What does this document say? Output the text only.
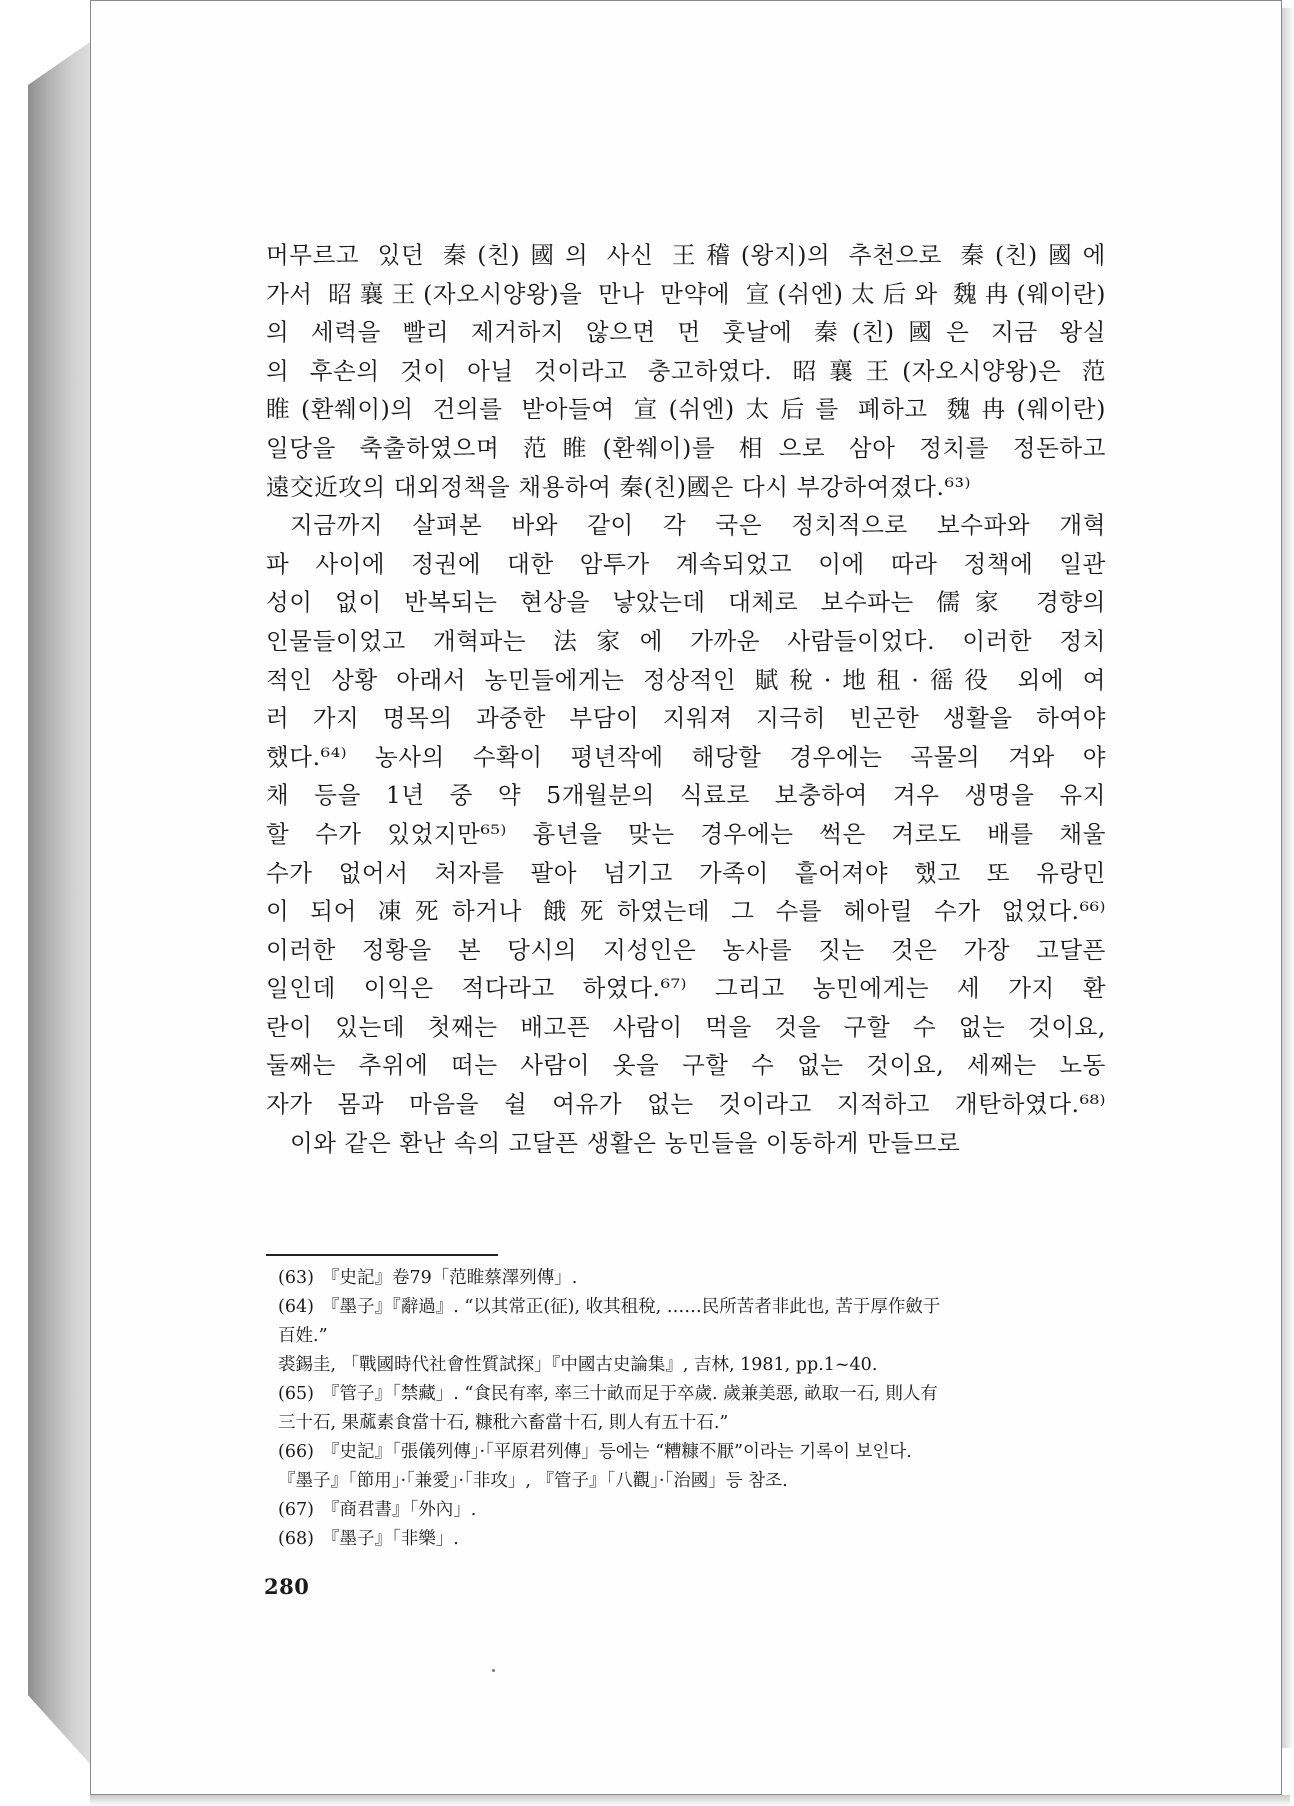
머무르고 있던 秦(친)國의 사신 王稽(왕지)의 추천으로 秦(친)國에
가서 昭襄王(자오시양왕)을 만나 만약에 宣(쉬엔)太后와 魏冉(웨이란)
의 세력을 빨리 제거하지 않으면 먼 훗날에 秦(친)國은 지금 왕실
의 후손의 것이 아닐 것이라고 충고하였다. 昭襄王(자오시양왕)은 范
睢(환쒜이)의 건의를 받아들여 宣(쉬엔)太后를 폐하고 魏冉(웨이란)
일당을 축출하였으며 范睢(환쒜이)를 相으로 삼아 정치를 정돈하고
遠交近攻의 대외정책을 채용하여 秦(친)國은 다시 부강하여졌다.⁶³⁾
지금까지 살펴본 바와 같이 각 국은 정치적으로 보수파와 개혁
파 사이에 정권에 대한 암투가 계속되었고 이에 따라 정책에 일관
성이 없이 반복되는 현상을 낳았는데 대체로 보수파는 儒家 경향의
인물들이었고 개혁파는 法家에 가까운 사람들이었다. 이러한 정치
적인 상황 아래서 농민들에게는 정상적인 賦稅·地租·徭役 외에 여
러 가지 명목의 과중한 부담이 지워져 지극히 빈곤한 생활을 하여야
했다.⁶⁴⁾ 농사의 수확이 평년작에 해당할 경우에는 곡물의 겨와 야
채 등을 1년 중 약 5개월분의 식료로 보충하여 겨우 생명을 유지
할 수가 있었지만⁶⁵⁾ 흉년을 맞는 경우에는 썩은 겨로도 배를 채울
수가 없어서 처자를 팔아 넘기고 가족이 흩어져야 했고 또 유랑민
이 되어 凍死하거나 餓死하였는데 그 수를 헤아릴 수가 없었다.⁶⁶⁾
이러한 정황을 본 당시의 지성인은 농사를 짓는 것은 가장 고달픈
일인데 이익은 적다라고 하였다.⁶⁷⁾ 그리고 농민에게는 세 가지 환
란이 있는데 첫째는 배고픈 사람이 먹을 것을 구할 수 없는 것이요,
둘째는 추위에 떠는 사람이 옷을 구할 수 없는 것이요, 세째는 노동
자가 몸과 마음을 쉴 여유가 없는 것이라고 지적하고 개탄하였다.⁶⁸⁾
이와 같은 환난 속의 고달픈 생활은 농민들을 이동하게 만들므로
(63) 『史記』卷79「范睢蔡澤列傳」.
(64) 『墨子』『辭過』. “以其常正(征), 收其租稅, ……民所苦者非此也, 苦于厚作斂于
百姓.”
裘錫圭, 「戰國時代社會性質試探」『中國古史論集』, 吉林, 1981, pp.1~40.
(65) 『管子』「禁藏」. “食民有率, 率三十畝而足于卒歲. 歲兼美惡, 畝取一石, 則人有
三十石, 果蓏素食當十石, 糠秕六畜當十石, 則人有五十石.”
(66) 『史記』「張儀列傳」·「平原君列傳」등에는 “糟糠不厭”이라는 기록이 보인다.
『墨子』「節用」·「兼愛」·「非攻」, 『管子』「八觀」·「治國」등 참조.
(67) 『商君書』「外內」.
(68) 『墨子』「非樂」.
280
